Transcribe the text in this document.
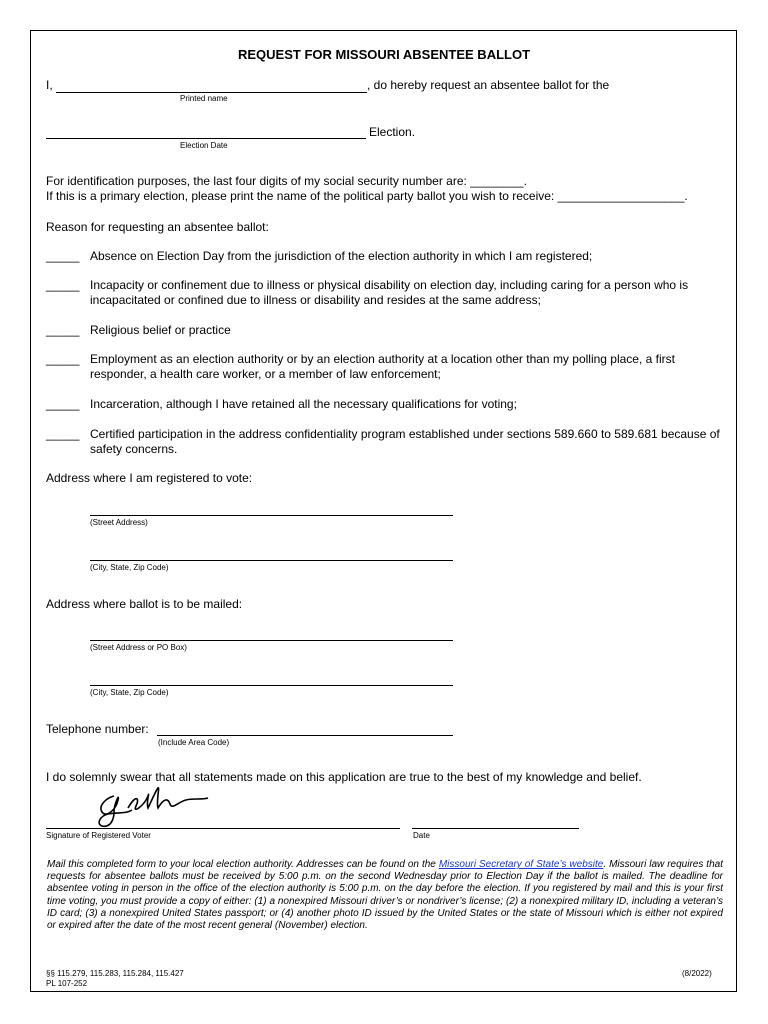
REQUEST FOR MISSOURI ABSENTEE BALLOT
I,	, do hereby request an absentee ballot for the
Printed name
Election.
Election Date
For identification purposes, the last four digits of my social security number are: ________.
If this is a primary election, please print the name of the political party ballot you wish to receive: ___________________.
Reason for requesting an absentee ballot:
_____ Absence on Election Day from the jurisdiction of the election authority in which I am registered;
_____ Incapacity or confinement due to illness or physical disability on election day, including caring for a person who is incapacitated or confined due to illness or disability and resides at the same address;
_____ Religious belief or practice
_____ Employment as an election authority or by an election authority at a location other than my polling place, a first responder, a health care worker, or a member of law enforcement;
_____ Incarceration, although I have retained all the necessary qualifications for voting;
_____ Certified participation in the address confidentiality program established under sections 589.660 to 589.681 because of safety concerns.
Address where I am registered to vote:
(Street Address)
(City, State, Zip Code)
Address where ballot is to be mailed:
(Street Address or PO Box)
(City, State, Zip Code)
Telephone number:
(Include Area Code)
I do solemnly swear that all statements made on this application are true to the best of my knowledge and belief.
Signature of Registered Voter	Date
Mail this completed form to your local election authority. Addresses can be found on the Missouri Secretary of State’s website. Missouri law requires that requests for absentee ballots must be received by 5:00 p.m. on the second Wednesday prior to Election Day if the ballot is mailed. The deadline for absentee voting in person in the office of the election authority is 5:00 p.m. on the day before the election. If you registered by mail and this is your first time voting, you must provide a copy of either: (1) a nonexpired Missouri driver’s or nondriver’s license; (2) a nonexpired military ID, including a veteran’s ID card; (3) a nonexpired United States passport; or (4) another photo ID issued by the United States or the state of Missouri which is either not expired or expired after the date of the most recent general (November) election.
§§ 115.279, 115.283, 115.284, 115.427
PL 107-252
(8/2022)
